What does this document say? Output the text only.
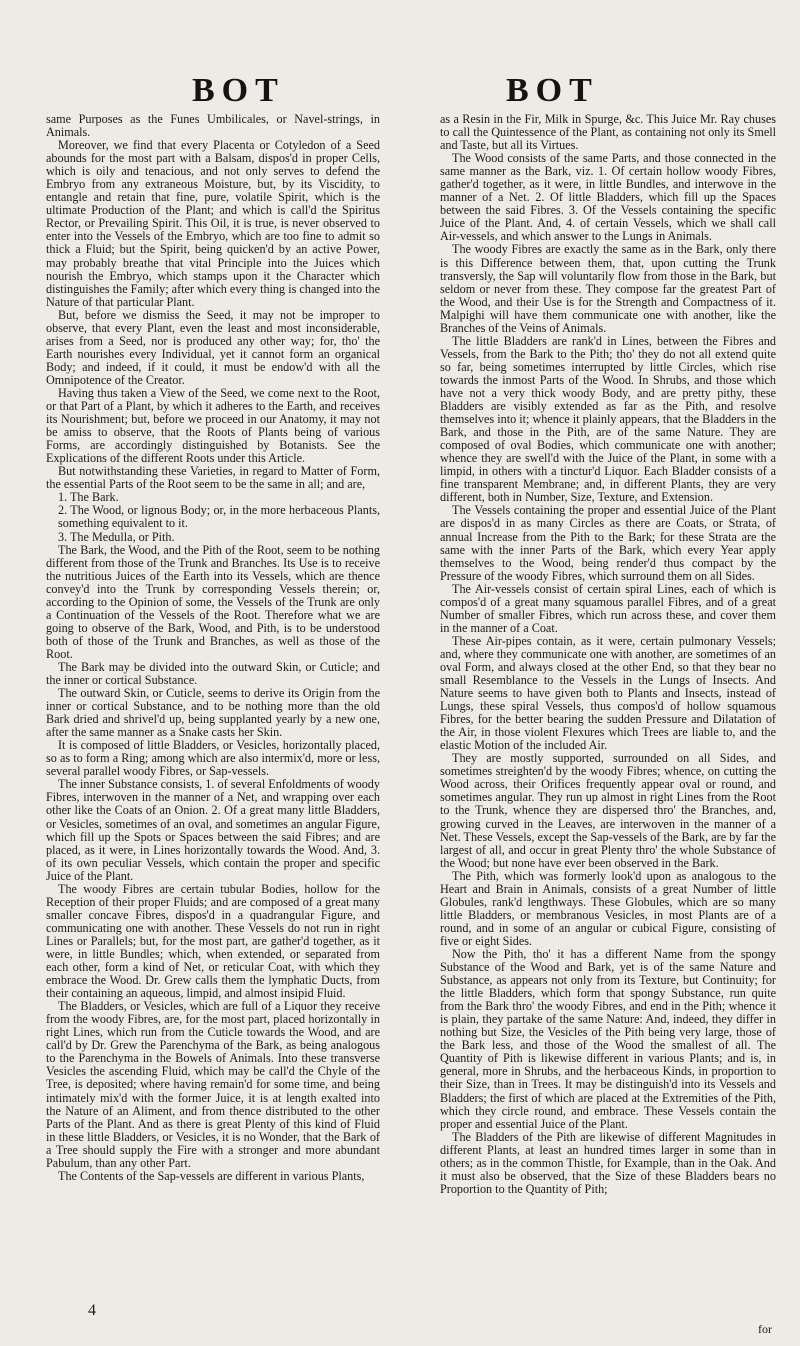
BOT	BOT

same Purposes as the Funes Umbilicales, or Navel-strings, in Animals.

Moreover, we find that every Placenta or Cotyledon of a Seed abounds for the most part with a Balsam, dispos'd in proper Cells, which is oily and tenacious, and not only serves to defend the Embryo from any extraneous Moisture, but, by its Viscidity, to entangle and retain that fine, pure, volatile Spirit, which is the ultimate Production of the Plant; and which is call'd the Spiritus Rector, or Prevailing Spirit. This Oil, it is true, is never observed to enter into the Vessels of the Embryo, which are too fine to admit so thick a Fluid; but the Spirit, being quicken'd by an active Power, may probably breathe that vital Principle into the Juices which nourish the Embryo, which stamps upon it the Character which distinguishes the Family; after which every thing is changed into the Nature of that particular Plant.

But, before we dismiss the Seed, it may not be improper to observe, that every Plant, even the least and most inconsiderable, arises from a Seed, nor is produced any other way; for, tho' the Earth nourishes every Individual, yet it cannot form an organical Body; and indeed, if it could, it must be endow'd with all the Omnipotence of the Creator.

Having thus taken a View of the Seed, we come next to the Root, or that Part of a Plant, by which it adheres to the Earth, and receives its Nourishment; but, before we proceed in our Anatomy, it may not be amiss to observe, that the Roots of Plants being of various Forms, are accordingly distinguished by Botanists. See the Explications of the different Roots under this Article.

But notwithstanding these Varieties, in regard to Matter of Form, the essential Parts of the Root seem to be the same in all; and are,

1. The Bark.

2. The Wood, or lignous Body; or, in the more herbaceous Plants, something equivalent to it.

3. The Medulla, or Pith.

The Bark, the Wood, and the Pith of the Root, seem to be nothing different from those of the Trunk and Branches. Its Use is to receive the nutritious Juices of the Earth into its Vessels, which are thence convey'd into the Trunk by corresponding Vessels therein; or, according to the Opinion of some, the Vessels of the Trunk are only a Continuation of the Vessels of the Root. Therefore what we are going to observe of the Bark, Wood, and Pith, is to be understood both of those of the Trunk and Branches, as well as those of the Root.

The Bark may be divided into the outward Skin, or Cuticle; and the inner or cortical Substance.

The outward Skin, or Cuticle, seems to derive its Origin from the inner or cortical Substance, and to be nothing more than the old Bark dried and shrivel'd up, being supplanted yearly by a new one, after the same manner as a Snake casts her Skin.

It is composed of little Bladders, or Vesicles, horizontally placed, so as to form a Ring; among which are also intermix'd, more or less, several parallel woody Fibres, or Sap-vessels.

The inner Substance consists, 1. of several Enfoldments of woody Fibres, interwoven in the manner of a Net, and wrapping over each other like the Coats of an Onion. 2. Of a great many little Bladders, or Vesicles, sometimes of an oval, and sometimes an angular Figure, which fill up the Spots or Spaces between the said Fibres; and are placed, as it were, in Lines horizontally towards the Wood. And, 3. of its own peculiar Vessels, which contain the proper and specific Juice of the Plant.

The woody Fibres are certain tubular Bodies, hollow for the Reception of their proper Fluids; and are composed of a great many smaller concave Fibres, dispos'd in a quadrangular Figure, and communicating one with another. These Vessels do not run in right Lines or Parallels; but, for the most part, are gather'd together, as it were, in little Bundles; which, when extended, or separated from each other, form a kind of Net, or reticular Coat, with which they embrace the Wood. Dr. Grew calls them the lymphatic Ducts, from their containing an aqueous, limpid, and almost insipid Fluid.

The Bladders, or Vesicles, which are full of a Liquor they receive from the woody Fibres, are, for the most part, placed horizontally in right Lines, which run from the Cuticle towards the Wood, and are call'd by Dr. Grew the Parenchyma of the Bark, as being analogous to the Parenchyma in the Bowels of Animals. Into these transverse Vesicles the ascending Fluid, which may be call'd the Chyle of the Tree, is deposited; where having remain'd for some time, and being intimately mix'd with the former Juice, it is at length exalted into the Nature of an Aliment, and from thence distributed to the other Parts of the Plant. And as there is great Plenty of this kind of Fluid in these little Bladders, or Vesicles, it is no Wonder, that the Bark of a Tree should supply the Fire with a stronger and more abundant Pabulum, than any other Part.

The Contents of the Sap-vessels are different in various Plants,

as a Resin in the Fir, Milk in Spurge, &c. This Juice Mr. Ray chuses to call the Quintessence of the Plant, as containing not only its Smell and Taste, but all its Virtues.

The Wood consists of the same Parts, and those connected in the same manner as the Bark, viz. 1. Of certain hollow woody Fibres, gather'd together, as it were, in little Bundles, and interwove in the manner of a Net. 2. Of little Bladders, which fill up the Spaces between the said Fibres. 3. Of the Vessels containing the specific Juice of the Plant. And, 4. of certain Vessels, which we shall call Air-vessels, and which answer to the Lungs in Animals.

The woody Fibres are exactly the same as in the Bark, only there is this Difference between them, that, upon cutting the Trunk transversly, the Sap will voluntarily flow from those in the Bark, but seldom or never from these. They compose far the greatest Part of the Wood, and their Use is for the Strength and Compactness of it. Malpighi will have them communicate one with another, like the Branches of the Veins of Animals.

The little Bladders are rank'd in Lines, between the Fibres and Vessels, from the Bark to the Pith; tho' they do not all extend quite so far, being sometimes interrupted by little Circles, which rise towards the inmost Parts of the Wood. In Shrubs, and those which have not a very thick woody Body, and are pretty pithy, these Bladders are visibly extended as far as the Pith, and resolve themselves into it; whence it plainly appears, that the Bladders in the Bark, and those in the Pith, are of the same Nature. They are composed of oval Bodies, which communicate one with another; whence they are swell'd with the Juice of the Plant, in some with a limpid, in others with a tinctur'd Liquor. Each Bladder consists of a fine transparent Membrane; and, in different Plants, they are very different, both in Number, Size, Texture, and Extension.

The Vessels containing the proper and essential Juice of the Plant are dispos'd in as many Circles as there are Coats, or Strata, of annual Increase from the Pith to the Bark; for these Strata are the same with the inner Parts of the Bark, which every Year apply themselves to the Wood, being render'd thus compact by the Pressure of the woody Fibres, which surround them on all Sides.

The Air-vessels consist of certain spiral Lines, each of which is compos'd of a great many squamous parallel Fibres, and of a great Number of smaller Fibres, which run across these, and cover them in the manner of a Coat.

These Air-pipes contain, as it were, certain pulmonary Vessels; and, where they communicate one with another, are sometimes of an oval Form, and always closed at the other End, so that they bear no small Resemblance to the Vessels in the Lungs of Insects. And Nature seems to have given both to Plants and Insects, instead of Lungs, these spiral Vessels, thus compos'd of hollow squamous Fibres, for the better bearing the sudden Pressure and Dilatation of the Air, in those violent Flexures which Trees are liable to, and the elastic Motion of the included Air.

They are mostly supported, surrounded on all Sides, and sometimes streighten'd by the woody Fibres; whence, on cutting the Wood across, their Orifices frequently appear oval or round, and sometimes angular. They run up almost in right Lines from the Root to the Trunk, whence they are dispersed thro' the Branches, and, growing curved in the Leaves, are interwoven in the manner of a Net. These Vessels, except the Sap-vessels of the Bark, are by far the largest of all, and occur in great Plenty thro' the whole Substance of the Wood; but none have ever been observed in the Bark.

The Pith, which was formerly look'd upon as analogous to the Heart and Brain in Animals, consists of a great Number of little Globules, rank'd lengthways. These Globules, which are so many little Bladders, or membranous Vesicles, in most Plants are of a round, and in some of an angular or cubical Figure, consisting of five or eight Sides.

Now the Pith, tho' it has a different Name from the spongy Substance of the Wood and Bark, yet is of the same Nature and Substance, as appears not only from its Texture, but Continuity; for the little Bladders, which form that spongy Substance, run quite from the Bark thro' the woody Fibres, and end in the Pith; whence it is plain, they partake of the same Nature: And, indeed, they differ in nothing but Size, the Vesicles of the Pith being very large, those of the Bark less, and those of the Wood the smallest of all. The Quantity of Pith is likewise different in various Plants; and is, in general, more in Shrubs, and the herbaceous Kinds, in proportion to their Size, than in Trees. It may be distinguish'd into its Vessels and Bladders; the first of which are placed at the Extremities of the Pith, which they circle round, and embrace. These Vessels contain the proper and essential Juice of the Plant.

The Bladders of the Pith are likewise of different Magnitudes in different Plants, at least an hundred times larger in some than in others; as in the common Thistle, for Example, than in the Oak. And it must also be observed, that the Size of these Bladders bears no Proportion to the Quantity of Pith;

4
for
